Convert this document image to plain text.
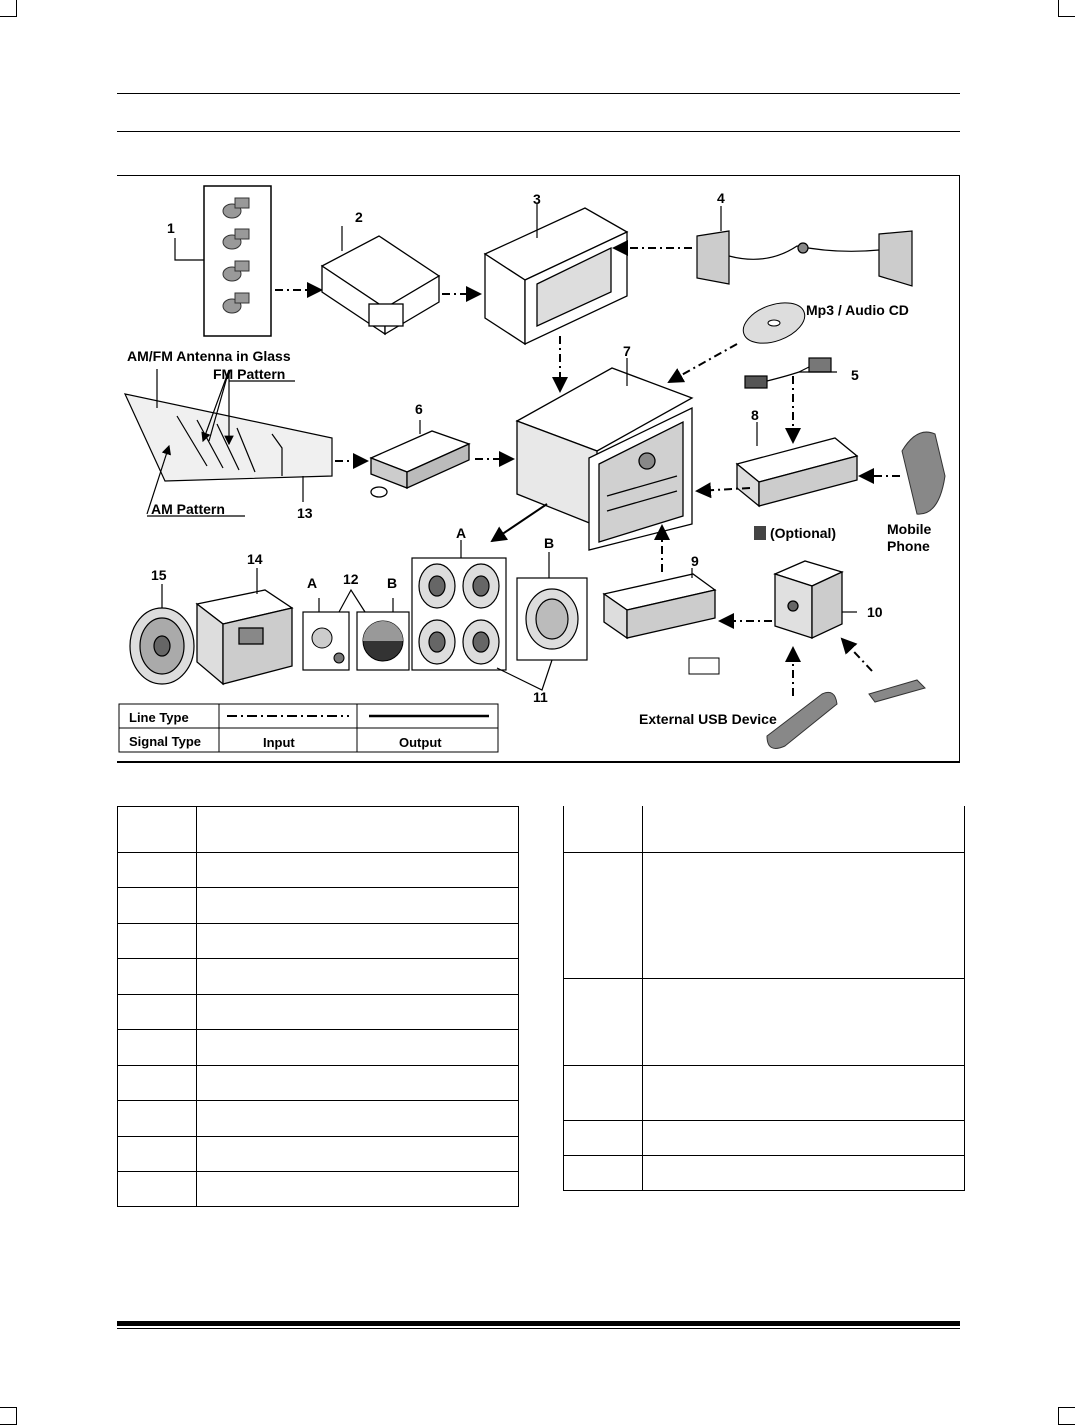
1
2
3	4
5
6
7
8
9
10
11
12
13
14
15
A
B
A	B
Mp3 / Audio CD
AM/FM Antenna in Glass
FM Pattern
AM Pattern
(Optional)	Mobile
Phone
External USB Device
Line Type
Signal Type	Input	Output
